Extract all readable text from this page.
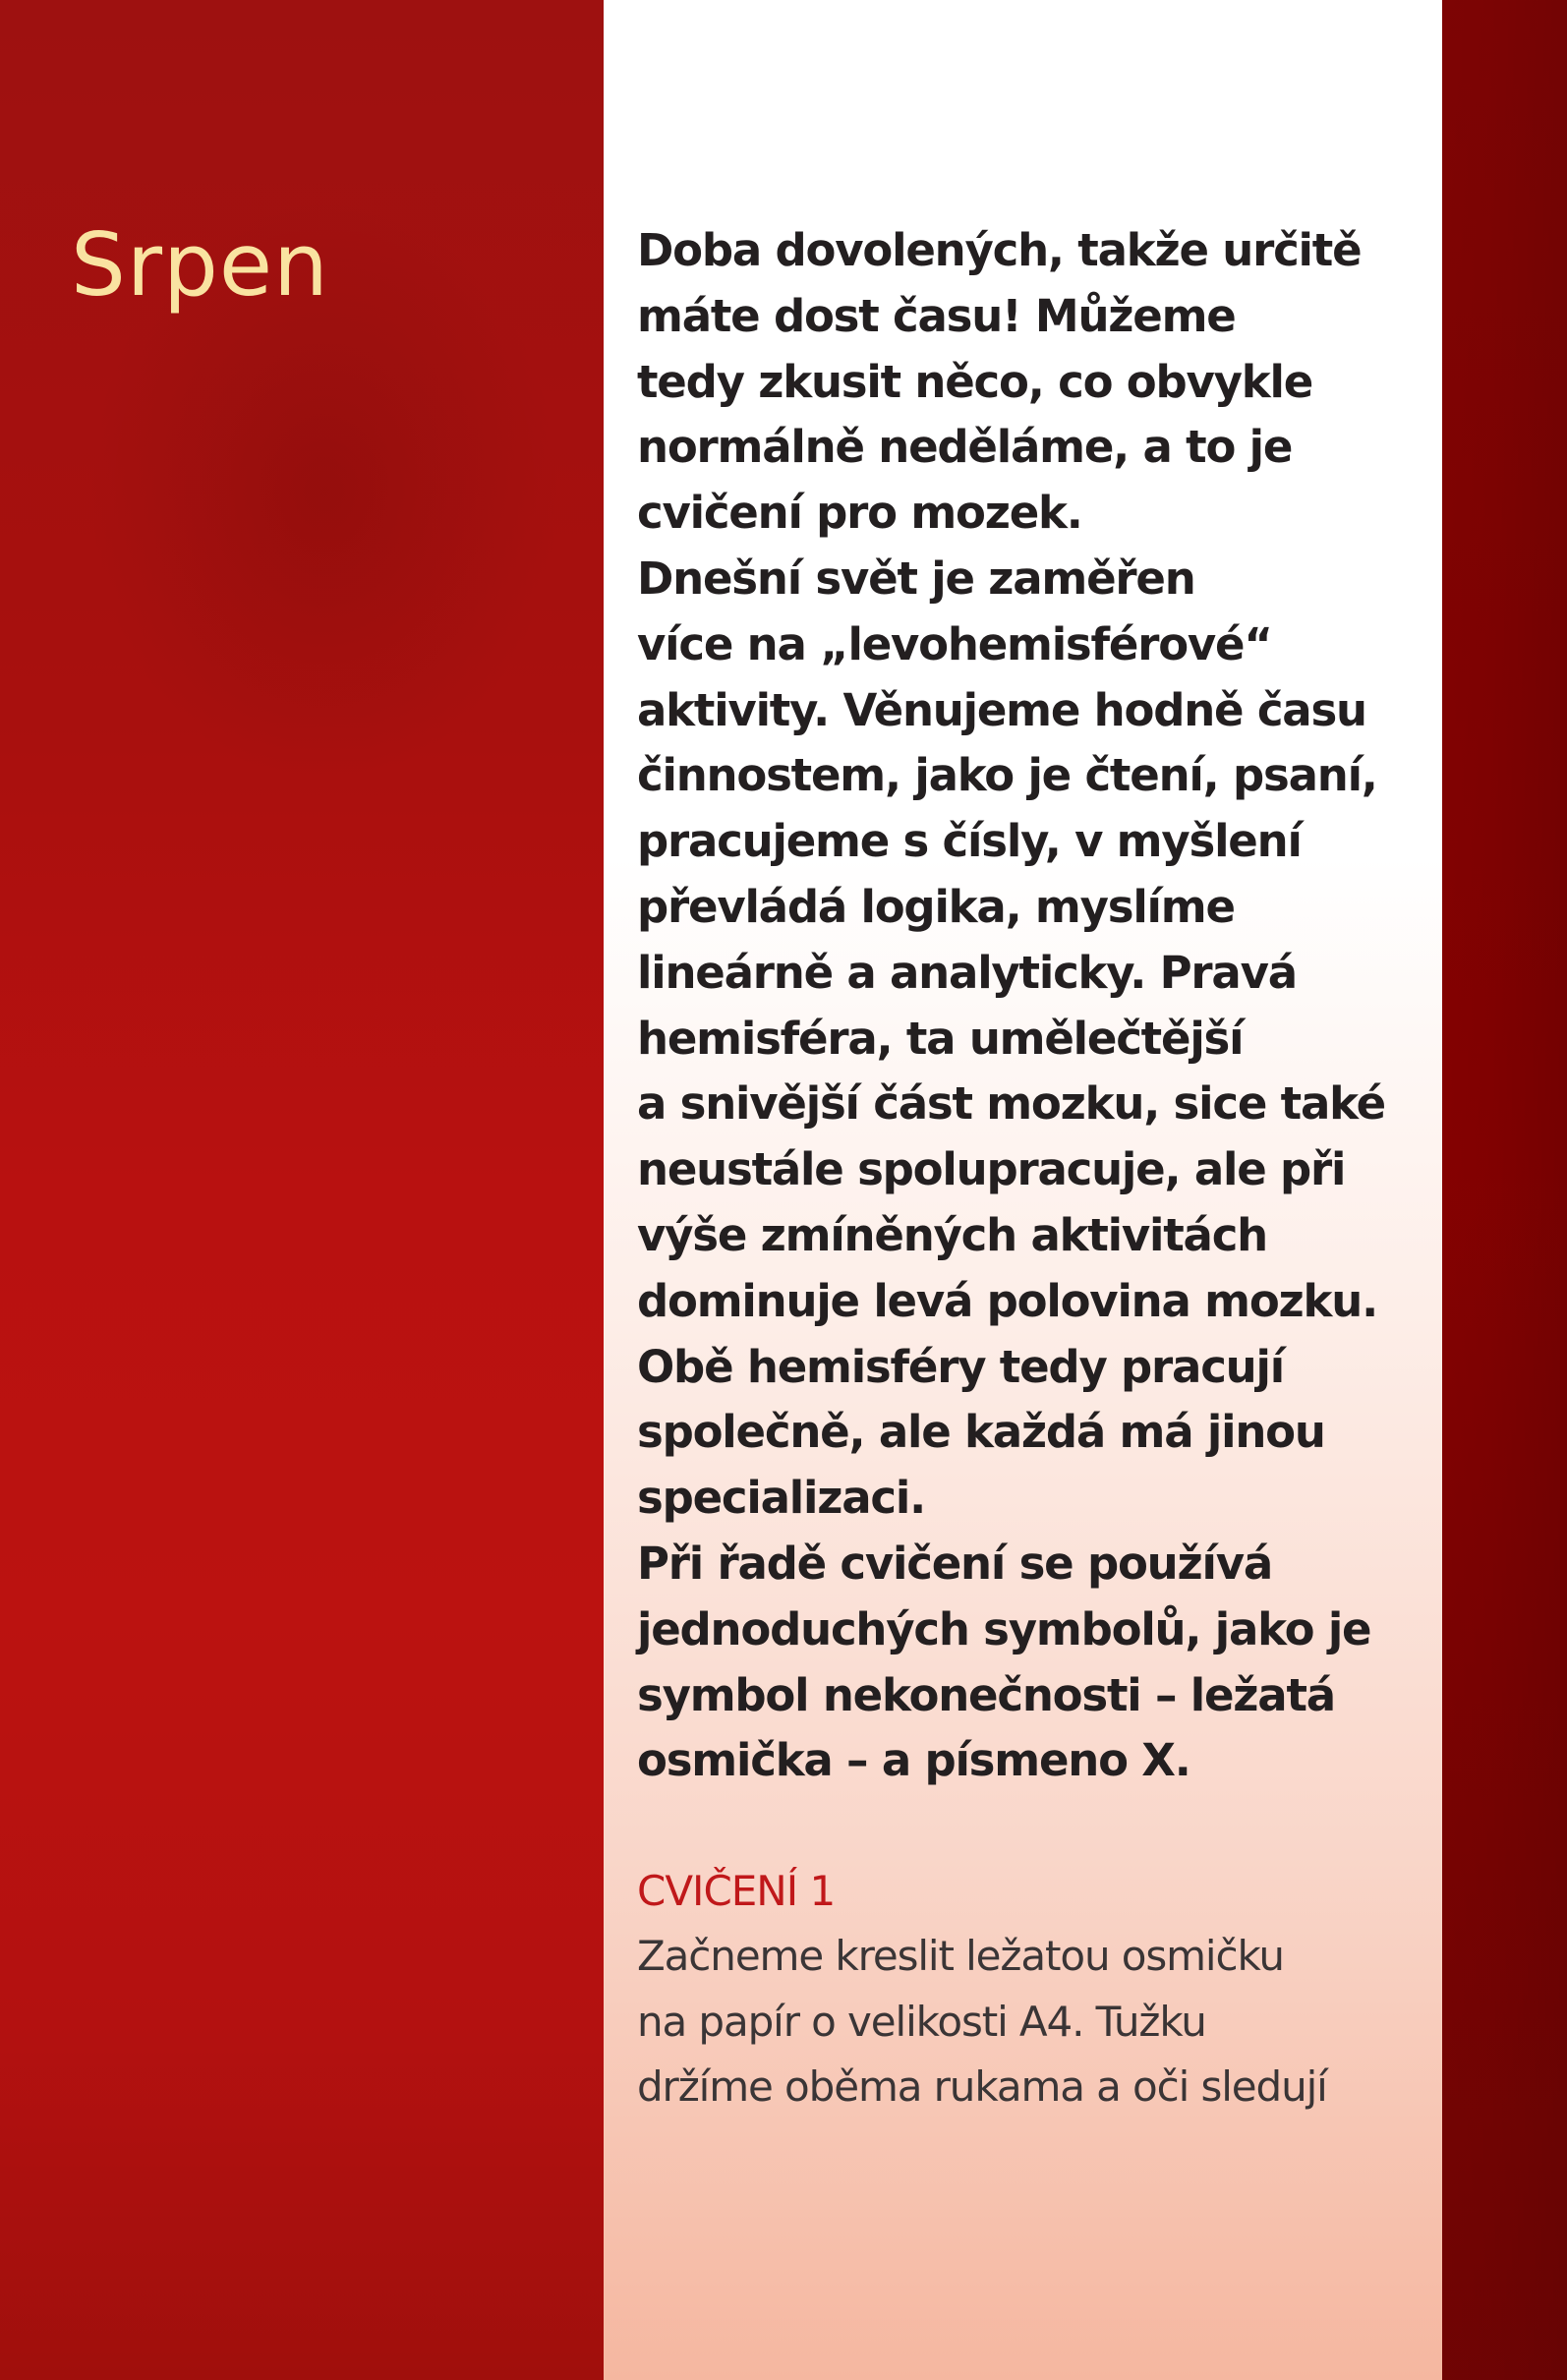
Srpen	Doba dovolených, takže určitě
máte dost času! Můžeme
tedy zkusit něco, co obvykle
normálně neděláme, a to je
cvičení pro mozek.
Dnešní svět je zaměřen
více na „levohemisférové“
aktivity. Věnujeme hodně času
činnostem, jako je čtení, psaní,
pracujeme s čísly, v myšlení
převládá logika, myslíme
lineárně a analyticky. Pravá
hemisféra, ta umělečtější
a snivější část mozku, sice také
neustále spolupracuje, ale při
výše zmíněných aktivitách
dominuje levá polovina mozku.
Obě hemisféry tedy pracují
společně, ale každá má jinou
specializaci.
Při řadě cvičení se používá
jednoduchých symbolů, jako je
symbol nekonečnosti – ležatá
osmička – a písmeno X.

CVIČENÍ 1

Začneme kreslit ležatou osmičku
na papír o velikosti A4. Tužku
držíme oběma rukama a oči sledují
